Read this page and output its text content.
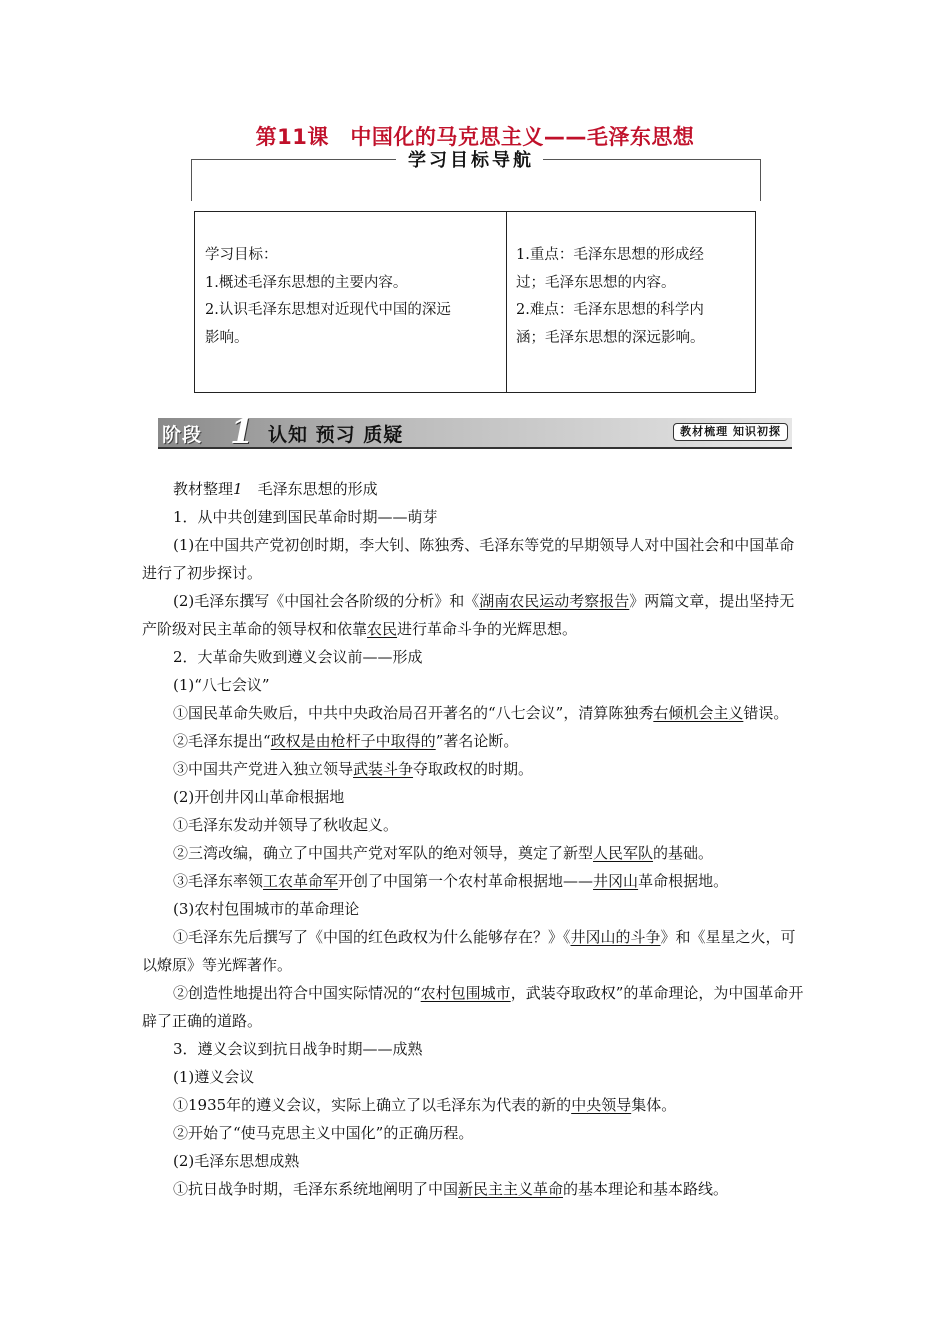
第11课　中国化的马克思主义——毛泽东思想
学习目标导航

学习目标：

1.概述毛泽东思想的主要内容。

2.认识毛泽东思想对近现代中国的深远

影响。

1.重点：毛泽东思想的形成经

过；毛泽东思想的内容。

2.难点：毛泽东思想的科学内

涵；毛泽东思想的深远影响。

阶段 1 认知 预习 质疑	教材梳理 知识初探

教材整理1　毛泽东思想的形成

1．从中共创建到国民革命时期——萌芽

(1)在中国共产党初创时期，李大钊、陈独秀、毛泽东等党的早期领导人对中国社会和中国革命进行了初步探讨。

(2)毛泽东撰写《中国社会各阶级的分析》和《湖南农民运动考察报告》两篇文章，提出坚持无产阶级对民主革命的领导权和依靠农民进行革命斗争的光辉思想。

2．大革命失败到遵义会议前——形成

(1)“八七会议”

①国民革命失败后，中共中央政治局召开著名的“八七会议”，清算陈独秀右倾机会主义错误。

②毛泽东提出“政权是由枪杆子中取得的”著名论断。

③中国共产党进入独立领导武装斗争夺取政权的时期。

(2)开创井冈山革命根据地

①毛泽东发动并领导了秋收起义。

②三湾改编，确立了中国共产党对军队的绝对领导，奠定了新型人民军队的基础。

③毛泽东率领工农革命军开创了中国第一个农村革命根据地——井冈山革命根据地。

(3)农村包围城市的革命理论

①毛泽东先后撰写了《中国的红色政权为什么能够存在？》《井冈山的斗争》和《星星之火，可以燎原》等光辉著作。

②创造性地提出符合中国实际情况的“农村包围城市，武装夺取政权”的革命理论，为中国革命开辟了正确的道路。

3．遵义会议到抗日战争时期——成熟

(1)遵义会议

①1935年的遵义会议，实际上确立了以毛泽东为代表的新的中央领导集体。

②开始了“使马克思主义中国化”的正确历程。

(2)毛泽东思想成熟

①抗日战争时期，毛泽东系统地阐明了中国新民主主义革命的基本理论和基本路线。
